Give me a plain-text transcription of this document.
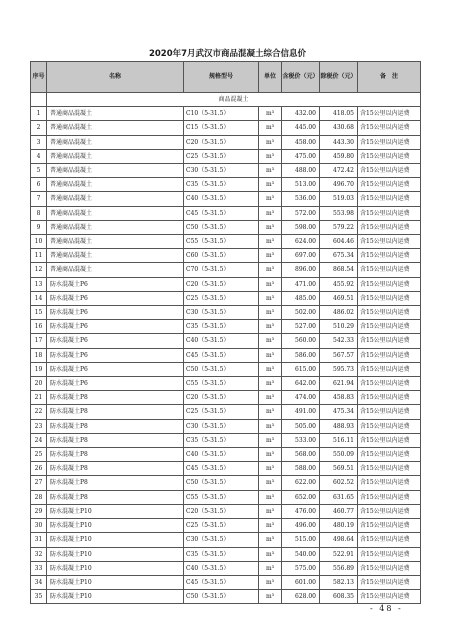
2020年7月武汉市商品混凝土综合信息价
序号	名称	规格型号	单位	含税价（元）	除税价（元）	备　注
	商品混凝土					
1	普通商品混凝土	C10（5-31.5）	m³	432.00	418.05	含15公里以内运费
2	普通商品混凝土	C15（5-31.5）	m³	445.00	430.68	含15公里以内运费
3	普通商品混凝土	C20（5-31.5）	m³	458.00	443.30	含15公里以内运费
4	普通商品混凝土	C25（5-31.5）	m³	475.00	459.80	含15公里以内运费
5	普通商品混凝土	C30（5-31.5）	m³	488.00	472.42	含15公里以内运费
6	普通商品混凝土	C35（5-31.5）	m³	513.00	496.70	含15公里以内运费
7	普通商品混凝土	C40（5-31.5）	m³	536.00	519.03	含15公里以内运费
8	普通商品混凝土	C45（5-31.5）	m³	572.00	553.98	含15公里以内运费
9	普通商品混凝土	C50（5-31.5）	m³	598.00	579.22	含15公里以内运费
10	普通商品混凝土	C55（5-31.5）	m³	624.00	604.46	含15公里以内运费
11	普通商品混凝土	C60（5-31.5）	m³	697.00	675.34	含15公里以内运费
12	普通商品混凝土	C70（5-31.5）	m³	896.00	868.54	含15公里以内运费
13	防水混凝土P6	C20（5-31.5）	m³	471.00	455.92	含15公里以内运费
14	防水混凝土P6	C25（5-31.5）	m³	485.00	469.51	含15公里以内运费
15	防水混凝土P6	C30（5-31.5）	m³	502.00	486.02	含15公里以内运费
16	防水混凝土P6	C35（5-31.5）	m³	527.00	510.29	含15公里以内运费
17	防水混凝土P6	C40（5-31.5）	m³	560.00	542.33	含15公里以内运费
18	防水混凝土P6	C45（5-31.5）	m³	586.00	567.57	含15公里以内运费
19	防水混凝土P6	C50（5-31.5）	m³	615.00	595.73	含15公里以内运费
20	防水混凝土P6	C55（5-31.5）	m³	642.00	621.94	含15公里以内运费
21	防水混凝土P8	C20（5-31.5）	m³	474.00	458.83	含15公里以内运费
22	防水混凝土P8	C25（5-31.5）	m³	491.00	475.34	含15公里以内运费
23	防水混凝土P8	C30（5-31.5）	m³	505.00	488.93	含15公里以内运费
24	防水混凝土P8	C35（5-31.5）	m³	533.00	516.11	含15公里以内运费
25	防水混凝土P8	C40（5-31.5）	m³	568.00	550.09	含15公里以内运费
26	防水混凝土P8	C45（5-31.5）	m³	588.00	569.51	含15公里以内运费
27	防水混凝土P8	C50（5-31.5）	m³	622.00	602.52	含15公里以内运费
28	防水混凝土P8	C55（5-31.5）	m³	652.00	631.65	含15公里以内运费
29	防水混凝土P10	C20（5-31.5）	m³	476.00	460.77	含15公里以内运费
30	防水混凝土P10	C25（5-31.5）	m³	496.00	480.19	含15公里以内运费
31	防水混凝土P10	C30（5-31.5）	m³	515.00	498.64	含15公里以内运费
32	防水混凝土P10	C35（5-31.5）	m³	540.00	522.91	含15公里以内运费
33	防水混凝土P10	C40（5-31.5）	m³	575.00	556.89	含15公里以内运费
34	防水混凝土P10	C45（5-31.5）	m³	601.00	582.13	含15公里以内运费
35	防水混凝土P10	C50（5-31.5）	m³	628.00	608.35	含15公里以内运费
- 48 -
